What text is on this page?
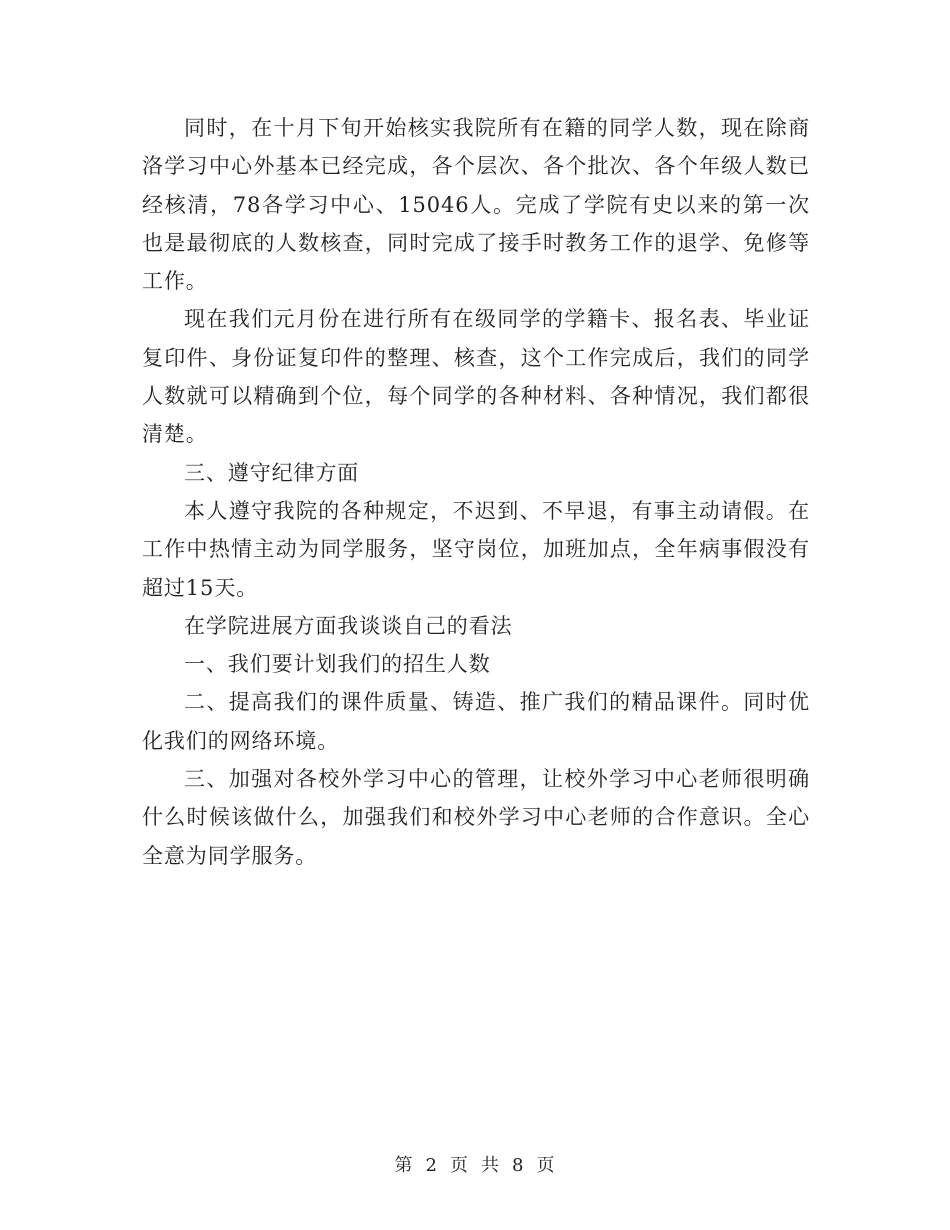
同时，在十月下旬开始核实我院所有在籍的同学人数，现在除商洛学习中心外基本已经完成，各个层次、各个批次、各个年级人数已经核清，78各学习中心、15046人。完成了学院有史以来的第一次也是最彻底的人数核查，同时完成了接手时教务工作的退学、免修等工作。

现在我们元月份在进行所有在级同学的学籍卡、报名表、毕业证复印件、身份证复印件的整理、核查，这个工作完成后，我们的同学人数就可以精确到个位，每个同学的各种材料、各种情况，我们都很清楚。

三、遵守纪律方面

本人遵守我院的各种规定，不迟到、不早退，有事主动请假。在工作中热情主动为同学服务，坚守岗位，加班加点，全年病事假没有超过15天。

在学院进展方面我谈谈自己的看法

一、我们要计划我们的招生人数

二、提高我们的课件质量、铸造、推广我们的精品课件。同时优化我们的网络环境。

三、加强对各校外学习中心的管理，让校外学习中心老师很明确什么时候该做什么，加强我们和校外学习中心老师的合作意识。全心全意为同学服务。

第 2 页 共 8 页
